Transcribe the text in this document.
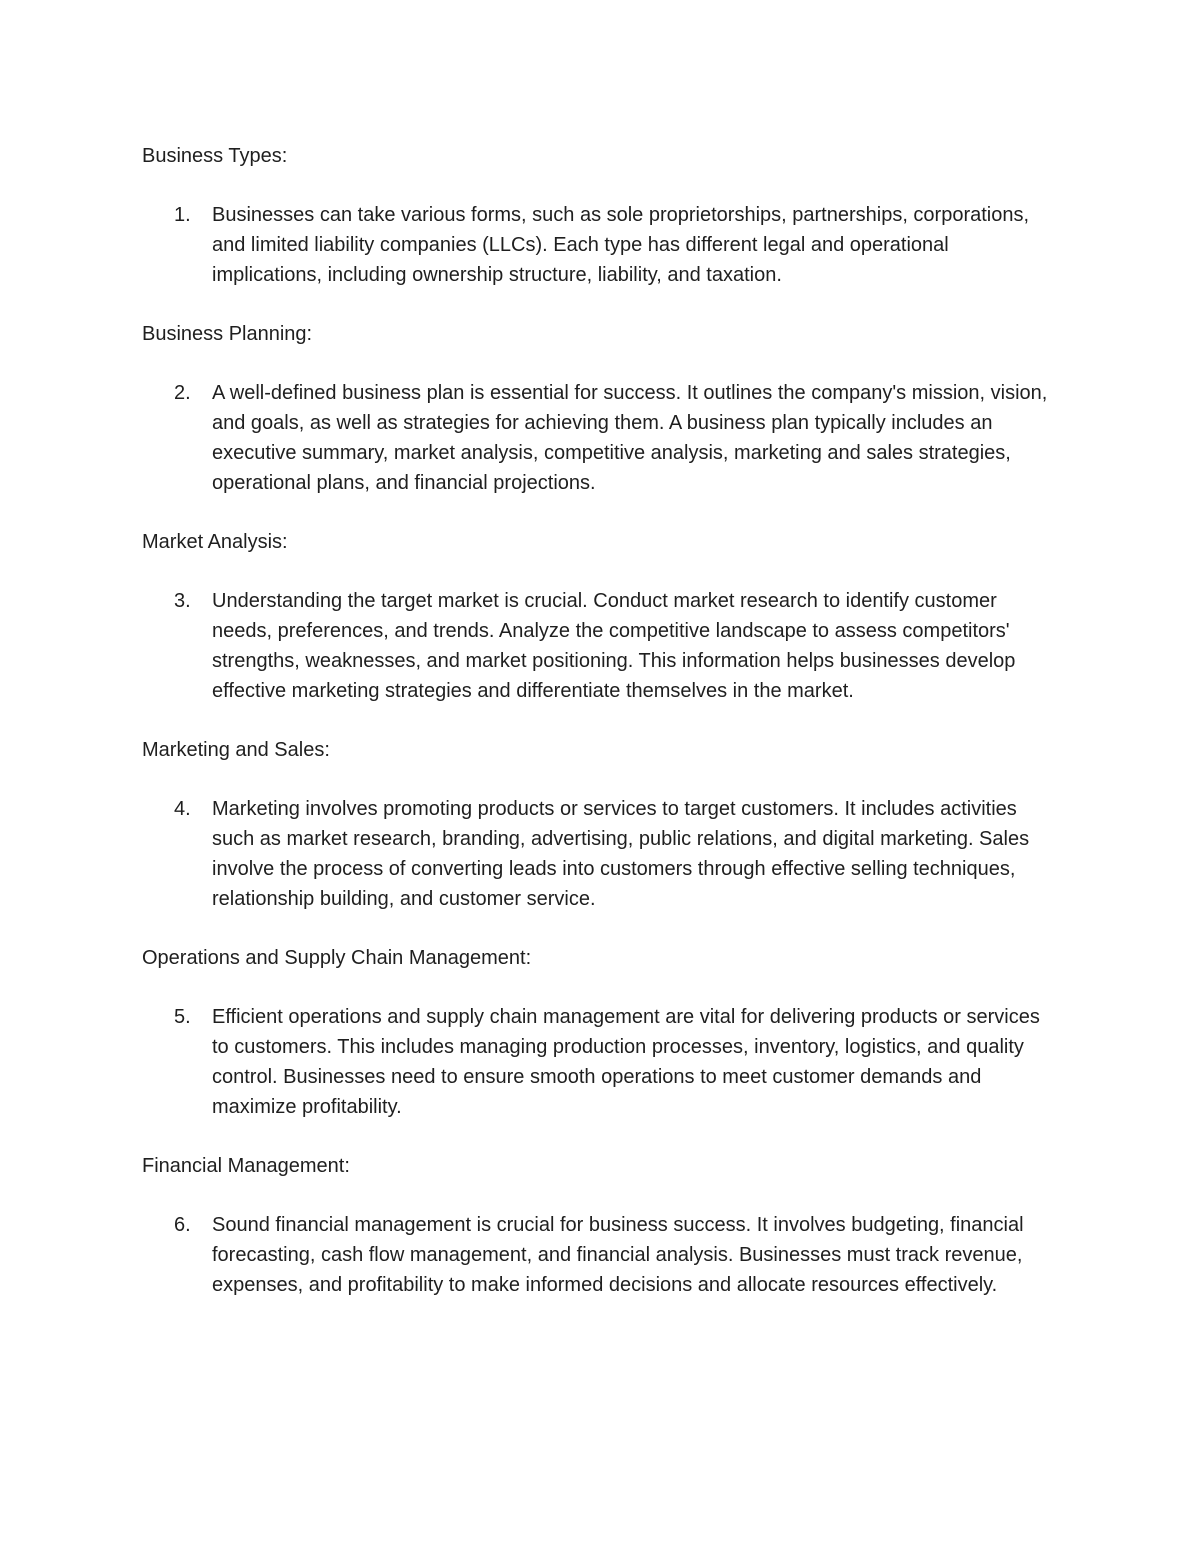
Business Types:
1.	Businesses can take various forms, such as sole proprietorships, partnerships, corporations, and limited liability companies (LLCs). Each type has different legal and operational implications, including ownership structure, liability, and taxation.
Business Planning:
2.	A well-defined business plan is essential for success. It outlines the company's mission, vision, and goals, as well as strategies for achieving them. A business plan typically includes an executive summary, market analysis, competitive analysis, marketing and sales strategies, operational plans, and financial projections.
Market Analysis:
3.	Understanding the target market is crucial. Conduct market research to identify customer needs, preferences, and trends. Analyze the competitive landscape to assess competitors' strengths, weaknesses, and market positioning. This information helps businesses develop effective marketing strategies and differentiate themselves in the market.
Marketing and Sales:
4.	Marketing involves promoting products or services to target customers. It includes activities such as market research, branding, advertising, public relations, and digital marketing. Sales involve the process of converting leads into customers through effective selling techniques, relationship building, and customer service.
Operations and Supply Chain Management:
5.	Efficient operations and supply chain management are vital for delivering products or services to customers. This includes managing production processes, inventory, logistics, and quality control. Businesses need to ensure smooth operations to meet customer demands and maximize profitability.
Financial Management:
6.	Sound financial management is crucial for business success. It involves budgeting, financial forecasting, cash flow management, and financial analysis. Businesses must track revenue, expenses, and profitability to make informed decisions and allocate resources effectively.
